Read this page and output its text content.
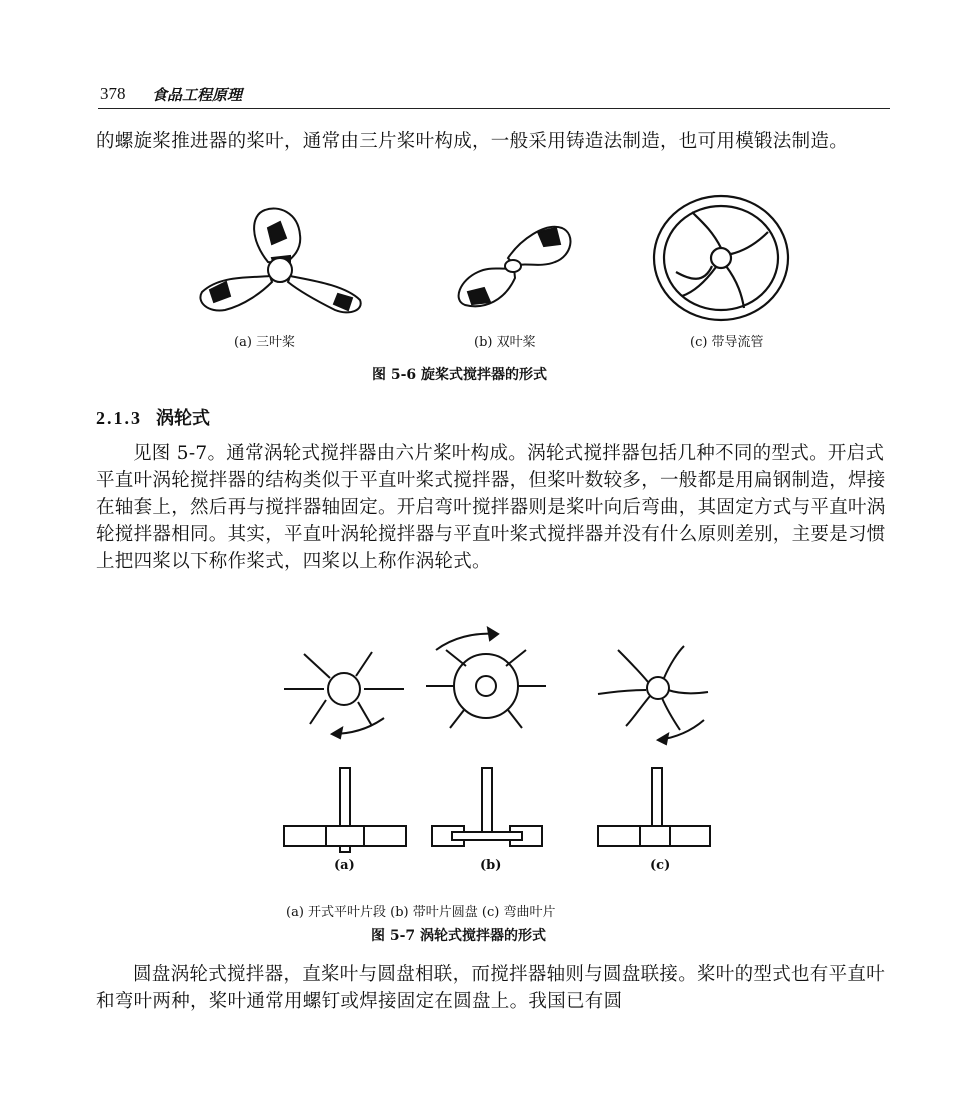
378 食品工程原理
的螺旋桨推进器的桨叶，通常由三片桨叶构成，一般采用铸造法制造，也可用模锻法制造。
(a) 三叶桨	(b) 双叶桨	(c) 带导流管
图 5-6 旋桨式搅拌器的形式
2.1.3 涡轮式
见图 5-7。通常涡轮式搅拌器由六片桨叶构成。涡轮式搅拌器包括几种不同的型式。开启式平直叶涡轮搅拌器的结构类似于平直叶桨式搅拌器，但桨叶数较多，一般都是用扁钢制造，焊接在轴套上，然后再与搅拌器轴固定。开启弯叶搅拌器则是桨叶向后弯曲，其固定方式与平直叶涡轮搅拌器相同。其实，平直叶涡轮搅拌器与平直叶桨式搅拌器并没有什么原则差别，主要是习惯上把四桨以下称作桨式，四桨以上称作涡轮式。
(a)	(b)	(c)
(a) 开式平叶片段 (b) 带叶片圆盘 (c) 弯曲叶片
图 5-7 涡轮式搅拌器的形式
圆盘涡轮式搅拌器，直桨叶与圆盘相联，而搅拌器轴则与圆盘联接。桨叶的型式也有平直叶和弯叶两种，桨叶通常用螺钉或焊接固定在圆盘上。我国已有圆
